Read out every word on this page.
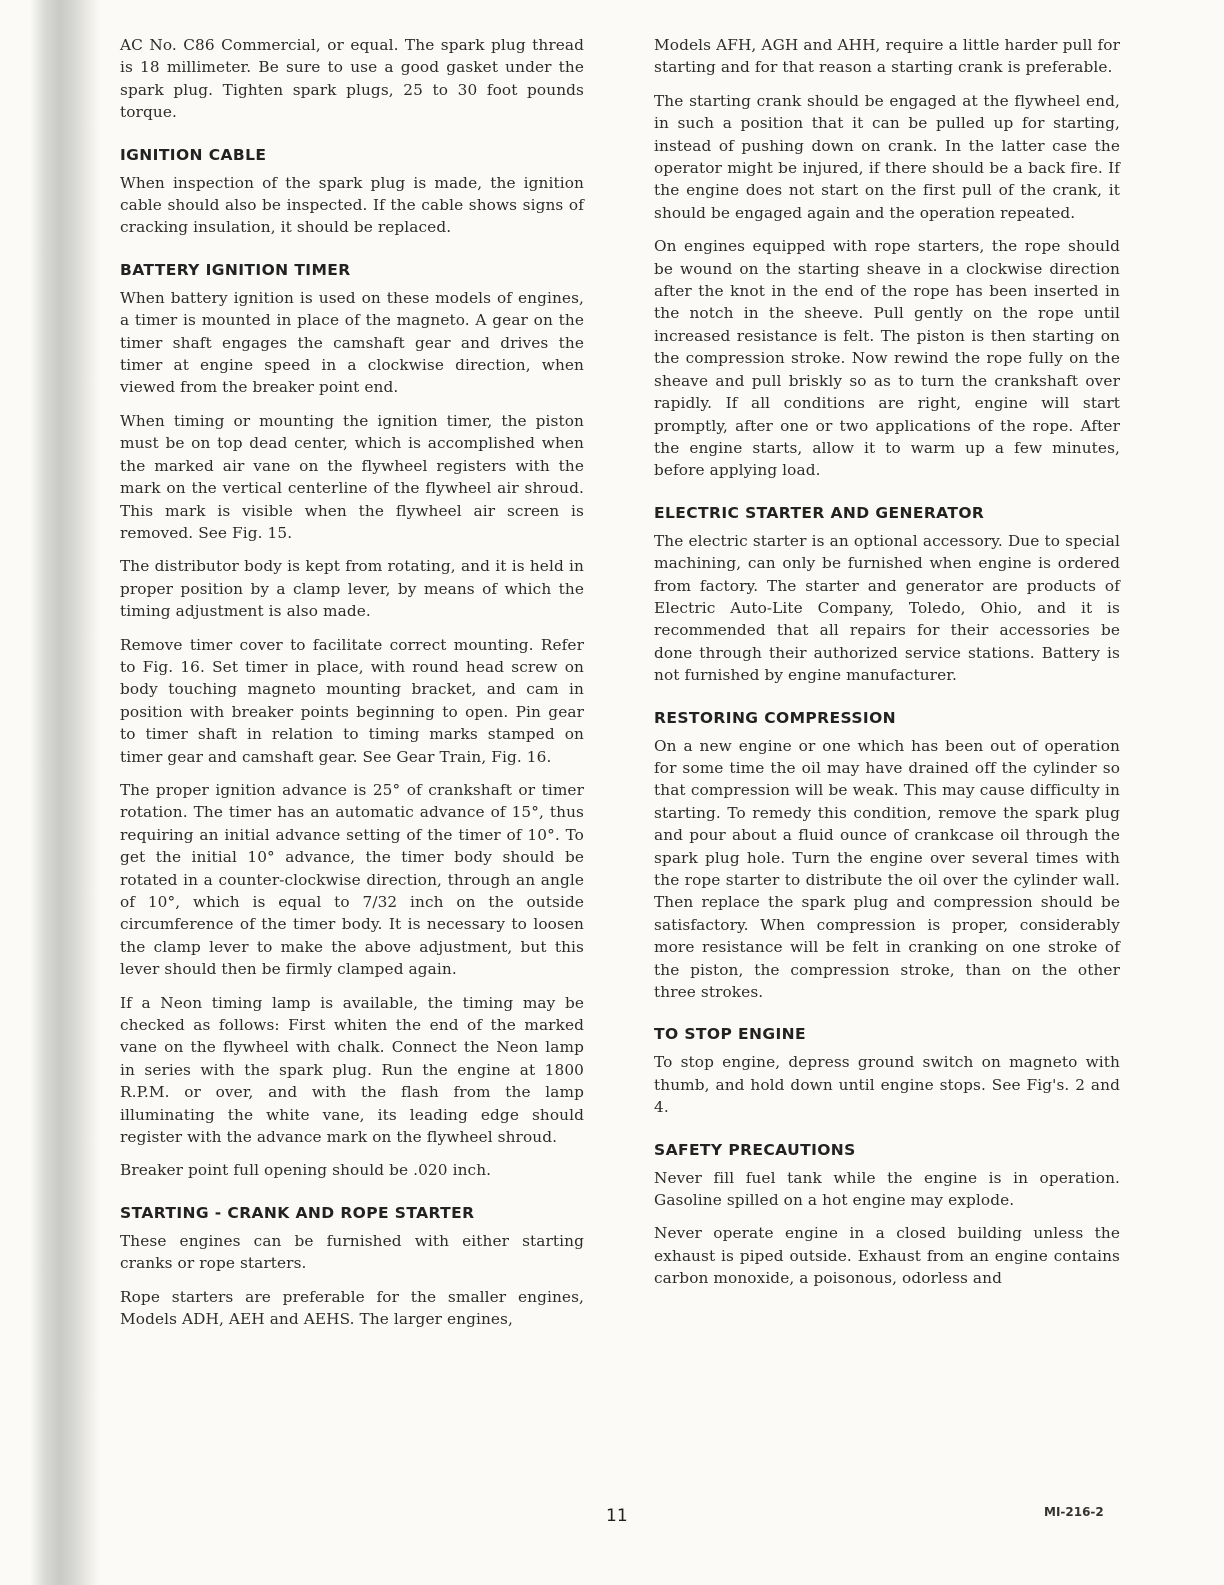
AC No. C86 Commercial, or equal. The spark plug thread is 18 millimeter. Be sure to use a good gasket under the spark plug. Tighten spark plugs, 25 to 30 foot pounds torque.

IGNITION CABLE

When inspection of the spark plug is made, the ignition cable should also be inspected. If the cable shows signs of cracking insulation, it should be replaced.

BATTERY IGNITION TIMER

When battery ignition is used on these models of engines, a timer is mounted in place of the magneto. A gear on the timer shaft engages the camshaft gear and drives the timer at engine speed in a clockwise direction, when viewed from the breaker point end.

When timing or mounting the ignition timer, the piston must be on top dead center, which is accomplished when the marked air vane on the flywheel registers with the mark on the vertical centerline of the flywheel air shroud. This mark is visible when the flywheel air screen is removed. See Fig. 15.

The distributor body is kept from rotating, and it is held in proper position by a clamp lever, by means of which the timing adjustment is also made.

Remove timer cover to facilitate correct mounting. Refer to Fig. 16. Set timer in place, with round head screw on body touching magneto mounting bracket, and cam in position with breaker points beginning to open. Pin gear to timer shaft in relation to timing marks stamped on timer gear and camshaft gear. See Gear Train, Fig. 16.

The proper ignition advance is 25° of crankshaft or timer rotation. The timer has an automatic advance of 15°, thus requiring an initial advance setting of the timer of 10°. To get the initial 10° advance, the timer body should be rotated in a counter-clockwise direction, through an angle of 10°, which is equal to 7/32 inch on the outside circumference of the timer body. It is necessary to loosen the clamp lever to make the above adjustment, but this lever should then be firmly clamped again.

If a Neon timing lamp is available, the timing may be checked as follows: First whiten the end of the marked vane on the flywheel with chalk. Connect the Neon lamp in series with the spark plug. Run the engine at 1800 R.P.M. or over, and with the flash from the lamp illuminating the white vane, its leading edge should register with the advance mark on the flywheel shroud.

Breaker point full opening should be .020 inch.

STARTING - CRANK AND ROPE STARTER

These engines can be furnished with either starting cranks or rope starters.

Rope starters are preferable for the smaller engines, Models ADH, AEH and AEHS. The larger engines,

Models AFH, AGH and AHH, require a little harder pull for starting and for that reason a starting crank is preferable.

The starting crank should be engaged at the flywheel end, in such a position that it can be pulled up for starting, instead of pushing down on crank. In the latter case the operator might be injured, if there should be a back fire. If the engine does not start on the first pull of the crank, it should be engaged again and the operation repeated.

On engines equipped with rope starters, the rope should be wound on the starting sheave in a clockwise direction after the knot in the end of the rope has been inserted in the notch in the sheeve. Pull gently on the rope until increased resistance is felt. The piston is then starting on the compression stroke. Now rewind the rope fully on the sheave and pull briskly so as to turn the crankshaft over rapidly. If all conditions are right, engine will start promptly, after one or two applications of the rope. After the engine starts, allow it to warm up a few minutes, before applying load.

ELECTRIC STARTER AND GENERATOR

The electric starter is an optional accessory. Due to special machining, can only be furnished when engine is ordered from factory. The starter and generator are products of Electric Auto-Lite Company, Toledo, Ohio, and it is recommended that all repairs for their accessories be done through their authorized service stations. Battery is not furnished by engine manufacturer.

RESTORING COMPRESSION

On a new engine or one which has been out of operation for some time the oil may have drained off the cylinder so that compression will be weak. This may cause difficulty in starting. To remedy this condition, remove the spark plug and pour about a fluid ounce of crankcase oil through the spark plug hole. Turn the engine over several times with the rope starter to distribute the oil over the cylinder wall. Then replace the spark plug and compression should be satisfactory. When compression is proper, considerably more resistance will be felt in cranking on one stroke of the piston, the compression stroke, than on the other three strokes.

TO STOP ENGINE

To stop engine, depress ground switch on magneto with thumb, and hold down until engine stops. See Fig's. 2 and 4.

SAFETY PRECAUTIONS

Never fill fuel tank while the engine is in operation. Gasoline spilled on a hot engine may explode.

Never operate engine in a closed building unless the exhaust is piped outside. Exhaust from an engine contains carbon monoxide, a poisonous, odorless and

11	MI-216-2
